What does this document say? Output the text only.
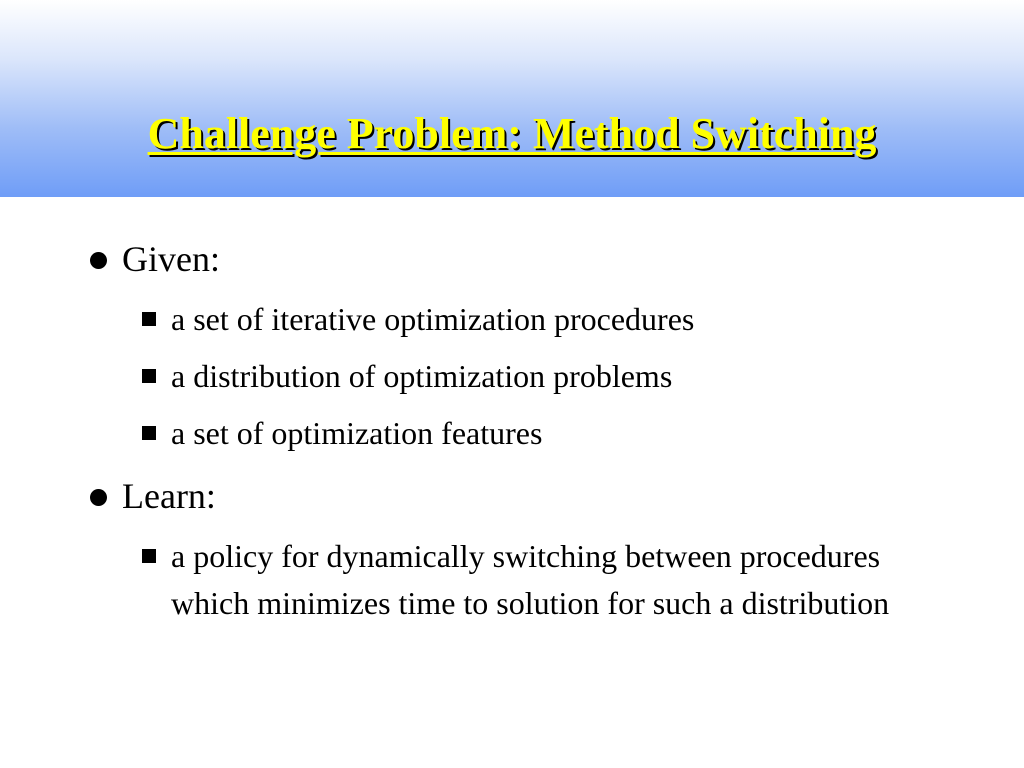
Challenge Problem: Method Switching
Given:
a set of iterative optimization procedures
a distribution of optimization problems
a set of optimization features
Learn:
a policy for dynamically switching between procedures which minimizes time to solution for such a distribution
